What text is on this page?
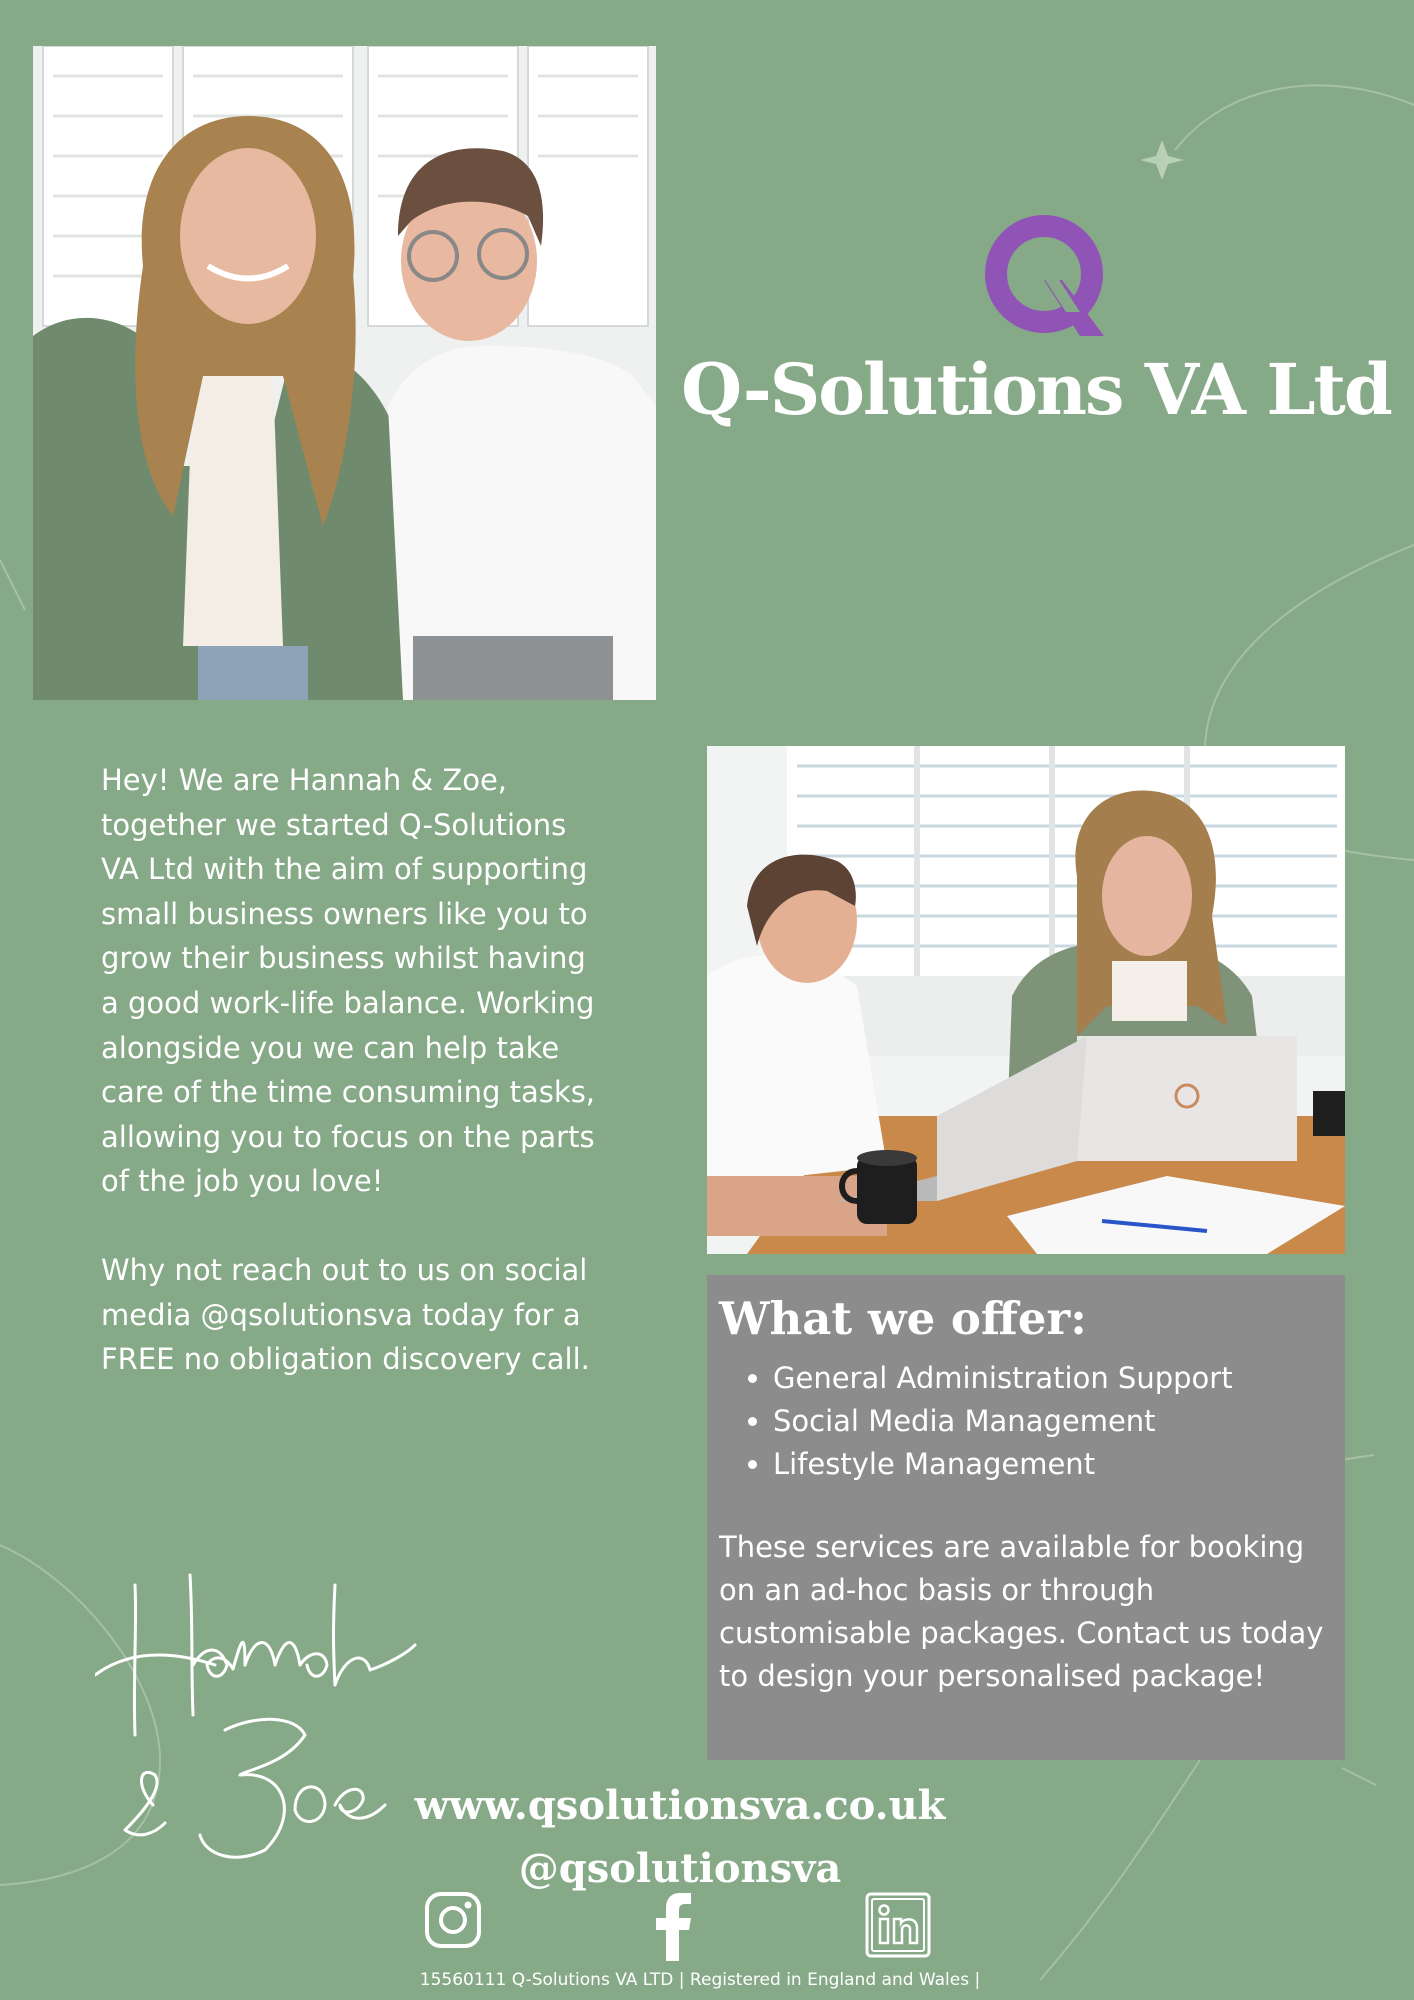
Q-Solutions VA Ltd

Hey! We are Hannah & Zoe, together we started Q-Solutions VA Ltd with the aim of supporting small business owners like you to grow their business whilst having a good work-life balance. Working alongside you we can help take care of the time consuming tasks, allowing you to focus on the parts of the job you love!

Why not reach out to us on social media @qsolutionsva today for a FREE no obligation discovery call.

What we offer:
• General Administration Support
• Social Media Management
• Lifestyle Management

These services are available for booking on an ad-hoc basis or through customisable packages. Contact us today to design your personalised package!

www.qsolutionsva.co.uk
@qsolutionsva
15560111 Q-Solutions VA LTD | Registered in England and Wales |
